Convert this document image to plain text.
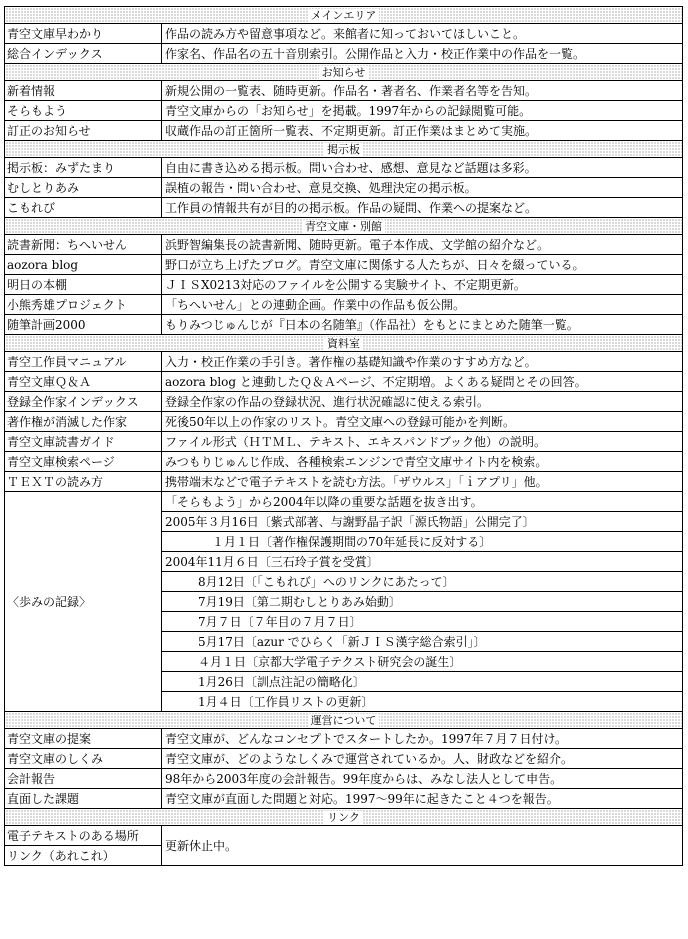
メインエリア	
青空文庫早わかり	作品の読み方や留意事項など。来館者に知っておいてほしいこと。
総合インデックス	作家名、作品名の五十音別索引。公開作品と入力・校正作業中の作品を一覧。
お知らせ	
新着情報	新規公開の一覧表、随時更新。作品名・著者名、作業者名等を告知。
そらもよう	青空文庫からの「お知らせ」を掲載。1997年からの記録閲覧可能。
訂正のお知らせ	収蔵作品の訂正箇所一覧表、不定期更新。訂正作業はまとめて実施。
掲示板	
掲示板：みずたまり	自由に書き込める掲示板。問い合わせ、感想、意見など話題は多彩。
むしとりあみ	誤植の報告・問い合わせ、意見交換、処理決定の掲示板。
こもれび	工作員の情報共有が目的の掲示板。作品の疑問、作業への提案など。
青空文庫・別館	
読書新聞：ちへいせん	浜野智編集長の読書新聞、随時更新。電子本作成、文学館の紹介など。
aozora blog	野口が立ち上げたブログ。青空文庫に関係する人たちが、日々を綴っている。
明日の本棚	ＪＩＳX0213対応のファイルを公開する実験サイト、不定期更新。
小熊秀雄プロジェクト	「ちへいせん」との連動企画。作業中の作品も仮公開。
随筆計画2000	もりみつじゅんじが『日本の名随筆』（作品社）をもとにまとめた随筆一覧。
資料室	
青空工作員マニュアル	入力・校正作業の手引き。著作権の基礎知識や作業のすすめ方など。
青空文庫Ｑ＆Ａ	aozora blog と連動したＱ＆Ａページ、不定期増。よくある疑問とその回答。
登録全作家インデックス	登録全作家の作品の登録状況、進行状況確認に使える索引。
著作権が消滅した作家	死後50年以上の作家のリスト。青空文庫への登録可能かを判断。
青空文庫読書ガイド	ファイル形式（ＨＴＭＬ、テキスト、エキスパンドブック他）の説明。
青空文庫検索ページ	みつもりじゅんじ作成、各種検索エンジンで青空文庫サイト内を検索。
ＴＥＸＴの読み方	携帯端末などで電子テキストを読む方法。「ザウルス」「ｉアプリ」他。
〈歩みの記録〉	「そらもよう」から2004年以降の重要な話題を抜き出す。
	2005年３月16日〔紫式部著、与謝野晶子訳「源氏物語」公開完了〕
	１月１日〔著作権保護期間の70年延長に反対する〕
	2004年11月６日〔三石玲子賞を受賞〕
	8月12日〔「こもれび」へのリンクにあたって〕
	7月19日〔第二期むしとりあみ始動〕
	7月７日〔７年目の７月７日〕
	5月17日〔azur でひらく「新ＪＩＳ漢字総合索引」〕
	４月１日〔京都大学電子テクスト研究会の誕生〕
	1月26日〔訓点注記の簡略化〕
	1月４日〔工作員リストの更新〕
運営について	
青空文庫の提案	青空文庫が、どんなコンセプトでスタートしたか。1997年７月７日付け。
青空文庫のしくみ	青空文庫が、どのようなしくみで運営されているか。人、財政などを紹介。
会計報告	98年から2003年度の会計報告。99年度からは、みなし法人として申告。
直面した課題	青空文庫が直面した問題と対応。1997〜99年に起きたこと４つを報告。
リンク	
電子テキストのある場所	更新休止中。
リンク（あれこれ）	
